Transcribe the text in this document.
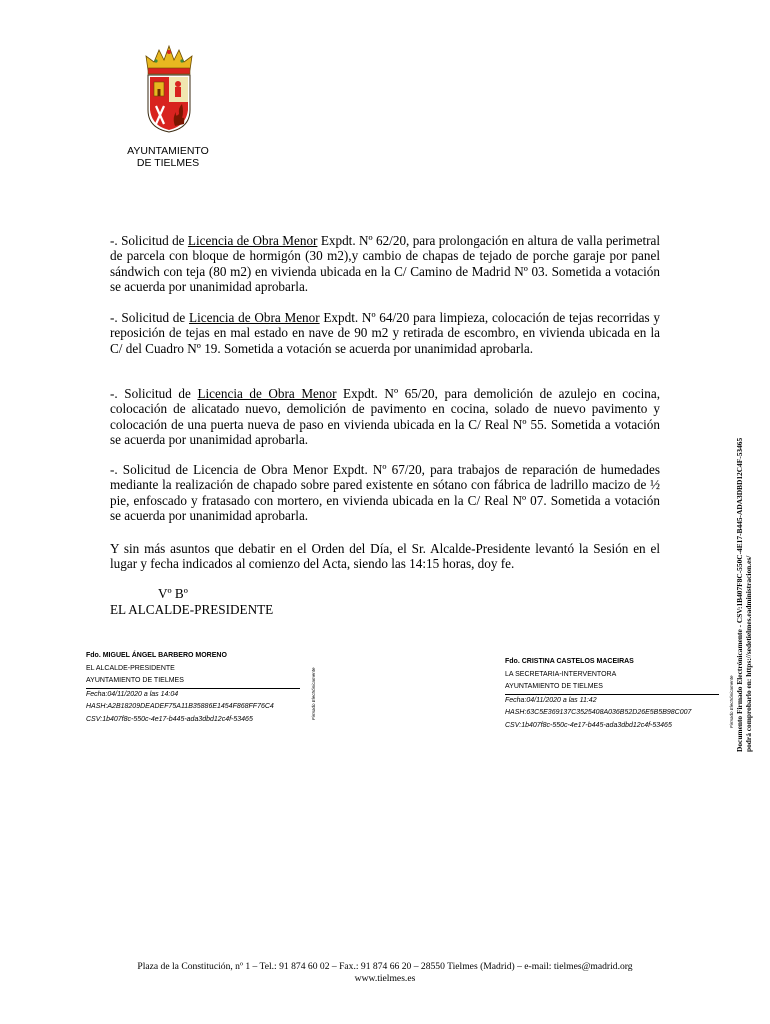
AYUNTAMIENTO
DE TIELMES
-. Solicitud de Licencia de Obra Menor Expdt. Nº 62/20, para prolongación en altura de valla perimetral de parcela con bloque de hormigón (30 m2),y cambio de chapas de tejado de porche garaje por panel sándwich con teja (80 m2) en vivienda ubicada en la C/ Camino de Madrid Nº 03. Sometida a votación se acuerda por unanimidad aprobarla.
-. Solicitud de Licencia de Obra Menor Expdt. Nº 64/20 para limpieza, colocación de tejas recorridas y reposición de tejas en mal estado en nave de 90 m2 y retirada de escombro, en vivienda ubicada en la C/ del Cuadro Nº 19. Sometida a votación se acuerda por unanimidad aprobarla.
-. Solicitud de Licencia de Obra Menor Expdt. Nº 65/20, para demolición de azulejo en cocina, colocación de alicatado nuevo, demolición de pavimento en cocina, solado de nuevo pavimento y colocación de una puerta nueva de paso en vivienda ubicada en la C/ Real Nº 55. Sometida a votación se acuerda por unanimidad aprobarla.
-. Solicitud de Licencia de Obra Menor Expdt. Nº 67/20, para trabajos de reparación de humedades mediante la realización de chapado sobre pared existente en sótano con fábrica de ladrillo macizo de ½ pie, enfoscado y fratasado con mortero, en vivienda ubicada en la C/ Real Nº 07. Sometida a votación se acuerda por unanimidad aprobarla.
Y sin más asuntos que debatir en el Orden del Día, el Sr. Alcalde-Presidente levantó la Sesión en el lugar y fecha indicados al comienzo del Acta, siendo las 14:15 horas, doy fe.
Vº Bº
EL ALCALDE-PRESIDENTE
Fdo. MIGUEL ÁNGEL BARBERO MORENO
EL ALCALDE-PRESIDENTE
AYUNTAMIENTO DE TIELMES
Fecha:04/11/2020 a las 14:04
HASH:A2B18209DEADEF75A11B35886E1454F868FF76C4
CSV:1b407f8c-550c-4e17-b445-ada3dbd12c4f-53465	Firmado Electrónicamente
Fdo. CRISTINA CASTELOS MACEIRAS
LA SECRETARIA-INTERVENTORA
AYUNTAMIENTO DE TIELMES
Fecha:04/11/2020 a las 11:42
HASH:63C5E369137C3525408A036B52D26E5B5B98C007
CSV:1b407f8c-550c-4e17-b445-ada3dbd12c4f-53465	Firmado Electrónicamente Documento Firmado Electrónicamente - CSV:1B407F8C-550C-4E17-B445-ADA3DBD12C4F-53465 podrá comprobarlo en: https://sedetielmes.eadministracion.es/
Plaza de la Constitución, nº 1 – Tel.: 91 874 60 02 – Fax.: 91 874 66 20 – 28550 Tielmes (Madrid) – e-mail: tielmes@madrid.org
www.tielmes.es
